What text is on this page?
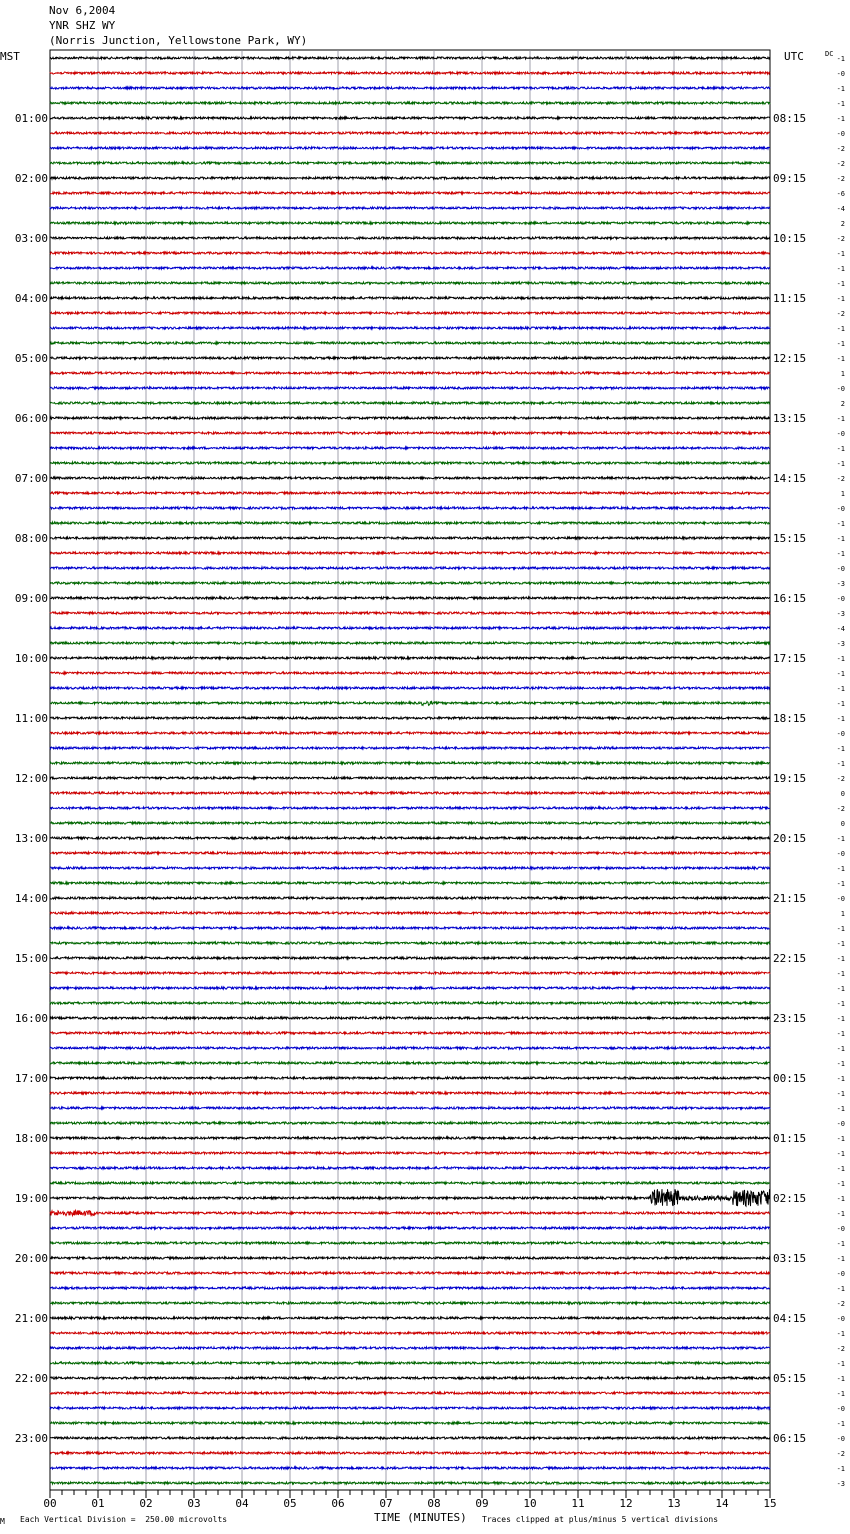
Nov 6,2004
YNR SHZ WY
(Norris Junction, Yellowstone Park, WY)
MST	UTC	DC
-1
-0
-1
-1
-1
-0
-2
-2
-2
-6
-4
2
-2
-1
-1
-1
-1
-2
-1
-1
-1
1
-0
2
-1
-0
-1
-1
-2
1
-0
-1
-1
-1
-0
-3
-0
-3
-4
-3
-1
-1
-1
-1
-1
-0
-1
-1
-2
0
-2
0
-1
-0
-1
-1
-0
1
-1
-1
-1
-1
-1
-1
-1
-1
-1
-1
-1
-1
-1
-0
-1
-1
-1
-1
-1
-1
-0
-1
-1
-0
-1
-2
-0
-1
-2
-1
-1
-1
-0
-1
-0
-2
-1
-3
01:00
02:00
03:00
04:00
05:00
06:00
07:00
08:00
09:00
10:00
11:00
12:00
13:00
14:00
15:00
16:00
17:00
18:00
19:00
20:00
21:00
22:00
23:00
08:15
09:15
10:15
11:15
12:15
13:15
14:15
15:15
16:15
17:15
18:15
19:15
20:15
21:15
22:15
23:15
00:15
01:15
02:15
03:15
04:15
05:15
06:15
00	01	02	03	04	05	06	07	08	09	10	11	12	13	14	15
M Each Vertical Division =  250.00 microvolts	TIME (MINUTES) Traces clipped at plus/minus 5 vertical divisions
